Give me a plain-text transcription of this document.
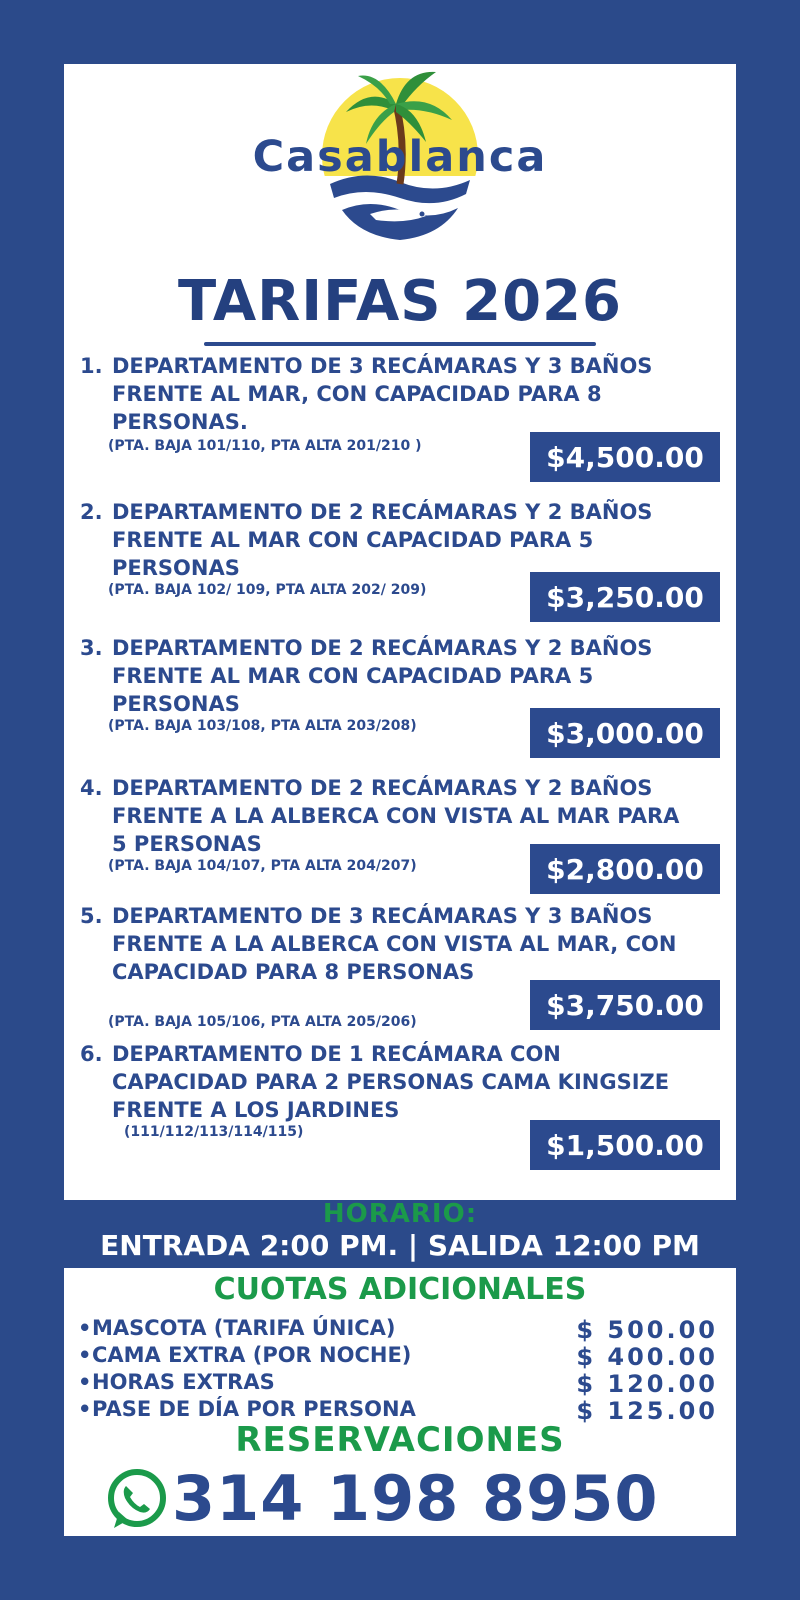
Casablanca
TARIFAS 2026
1. DEPARTAMENTO DE 3 RECÁMARAS Y 3 BAÑOS FRENTE AL MAR, CON CAPACIDAD PARA 8 PERSONAS.
(PTA. BAJA 101/110, PTA ALTA 201/210 )	$4,500.00
2. DEPARTAMENTO DE 2 RECÁMARAS Y 2 BAÑOS FRENTE AL MAR CON CAPACIDAD PARA 5 PERSONAS
(PTA. BAJA 102/ 109, PTA ALTA 202/ 209)	$3,250.00
3. DEPARTAMENTO DE 2 RECÁMARAS Y 2 BAÑOS FRENTE AL MAR CON CAPACIDAD PARA 5 PERSONAS
(PTA. BAJA 103/108, PTA ALTA 203/208)	$3,000.00
4. DEPARTAMENTO DE 2 RECÁMARAS Y 2 BAÑOS FRENTE A LA ALBERCA CON VISTA AL MAR PARA 5 PERSONAS
(PTA. BAJA 104/107, PTA ALTA 204/207)	$2,800.00
5. DEPARTAMENTO DE 3 RECÁMARAS Y 3 BAÑOS FRENTE A LA ALBERCA CON VISTA AL MAR, CON CAPACIDAD PARA 8 PERSONAS
(PTA. BAJA 105/106, PTA ALTA 205/206)
$3,750.00
6. DEPARTAMENTO DE 1 RECÁMARA CON CAPACIDAD PARA 2 PERSONAS CAMA KINGSIZE FRENTE A LOS JARDINES
(111/112/113/114/115)	$1,500.00
HORARIO:
ENTRADA 2:00 PM. | SALIDA 12:00 PM
CUOTAS ADICIONALES
• MASCOTA (TARIFA ÚNICA)	$ 500.00
• CAMA EXTRA (POR NOCHE)	$ 400.00
• HORAS EXTRAS	$ 120.00
• PASE DE DÍA POR PERSONA	$ 125.00
RESERVACIONES
314 198 8950
